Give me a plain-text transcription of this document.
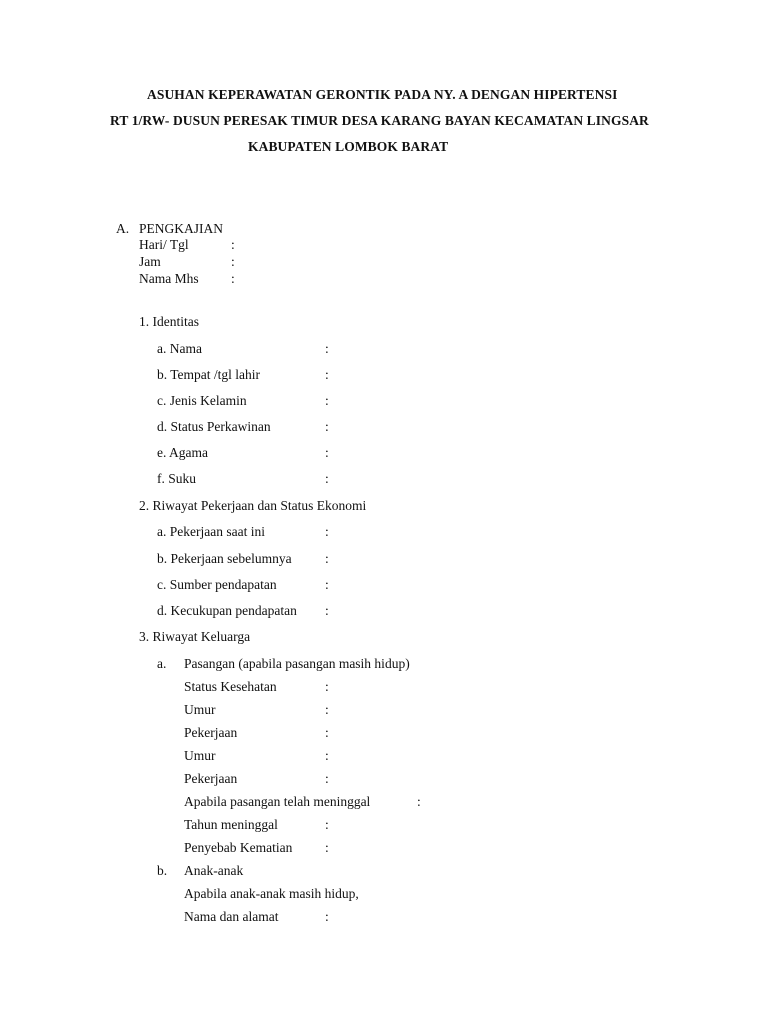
ASUHAN KEPERAWATAN GERONTIK PADA NY. A DENGAN HIPERTENSI
RT 1/RW- DUSUN PERESAK TIMUR DESA KARANG BAYAN KECAMATAN LINGSAR
KABUPATEN LOMBOK BARAT
A. PENGKAJIAN
Hari/ Tgl	:
Jam	:
Nama Mhs :
1. Identitas
a. Nama	:
b. Tempat /tgl lahir	:
c. Jenis Kelamin	:
d. Status Perkawinan	:
e. Agama	:
f. Suku	:
2. Riwayat Pekerjaan dan Status Ekonomi
a. Pekerjaan saat ini	:
b. Pekerjaan sebelumnya :
c. Sumber pendapatan	:
d. Kecukupan pendapatan :
3. Riwayat Keluarga
a. Pasangan (apabila pasangan masih hidup)
Status Kesehatan	:
Umur	:
Pekerjaan	:
Umur	:
Pekerjaan	:
Apabila pasangan telah meninggal	:
Tahun meninggal	:
Penyebab Kematian :
b. Anak-anak
Apabila anak-anak masih hidup,
Nama dan alamat	:
